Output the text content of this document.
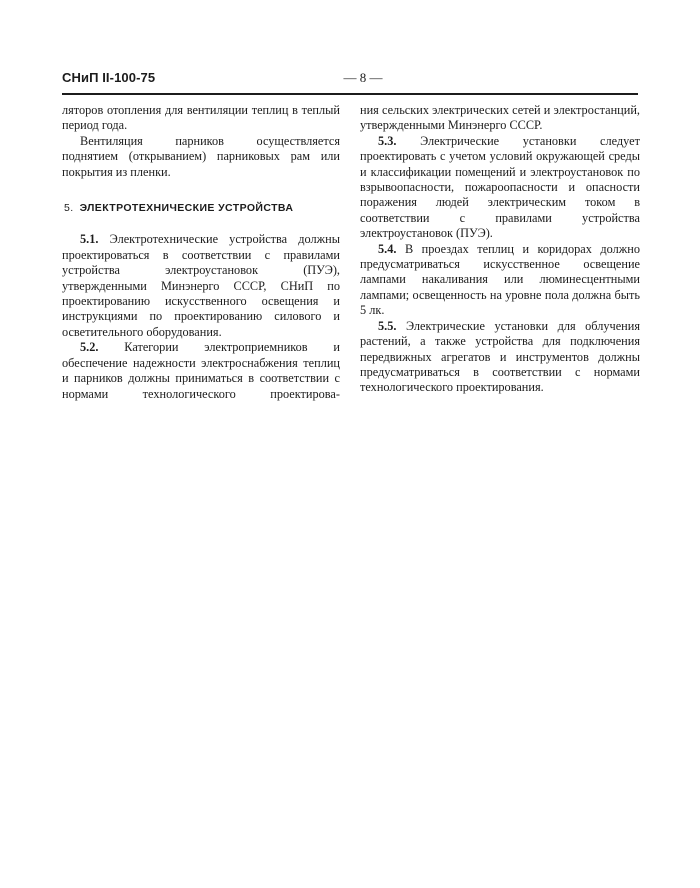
СНиП II-100-75	— 8 —

ляторов отопления для вентиляции теплиц в теплый период года.

Вентиляция парников осуществляется поднятием (открыванием) парниковых рам или покрытия из пленки.

5. ЭЛЕКТРОТЕХНИЧЕСКИЕ УСТРОЙСТВА

5.1. Электротехнические устройства должны проектироваться в соответствии с правилами устройства электроустановок (ПУЭ), утвержденными Минэнерго СССР, СНиП по проектированию искусственного освещения и инструкциями по проектированию силового и осветительного оборудования.

5.2. Категории электроприемников и обеспечение надежности электроснабжения теплиц и парников должны приниматься в соответствии с нормами технологического проектирова-

ния сельских электрических сетей и электростанций, утвержденными Минэнерго СССР.

5.3. Электрические установки следует проектировать с учетом условий окружающей среды и классификации помещений и электроустановок по взрывоопасности, пожароопасности и опасности поражения людей электрическим током в соответствии с правилами устройства электроустановок (ПУЭ).

5.4. В проездах теплиц и коридорах должно предусматриваться искусственное освещение лампами накаливания или люминесцентными лампами; освещенность на уровне пола должна быть 5 лк.

5.5. Электрические установки для облучения растений, а также устройства для подключения передвижных агрегатов и инструментов должны предусматриваться в соответствии с нормами технологического проектирования.
